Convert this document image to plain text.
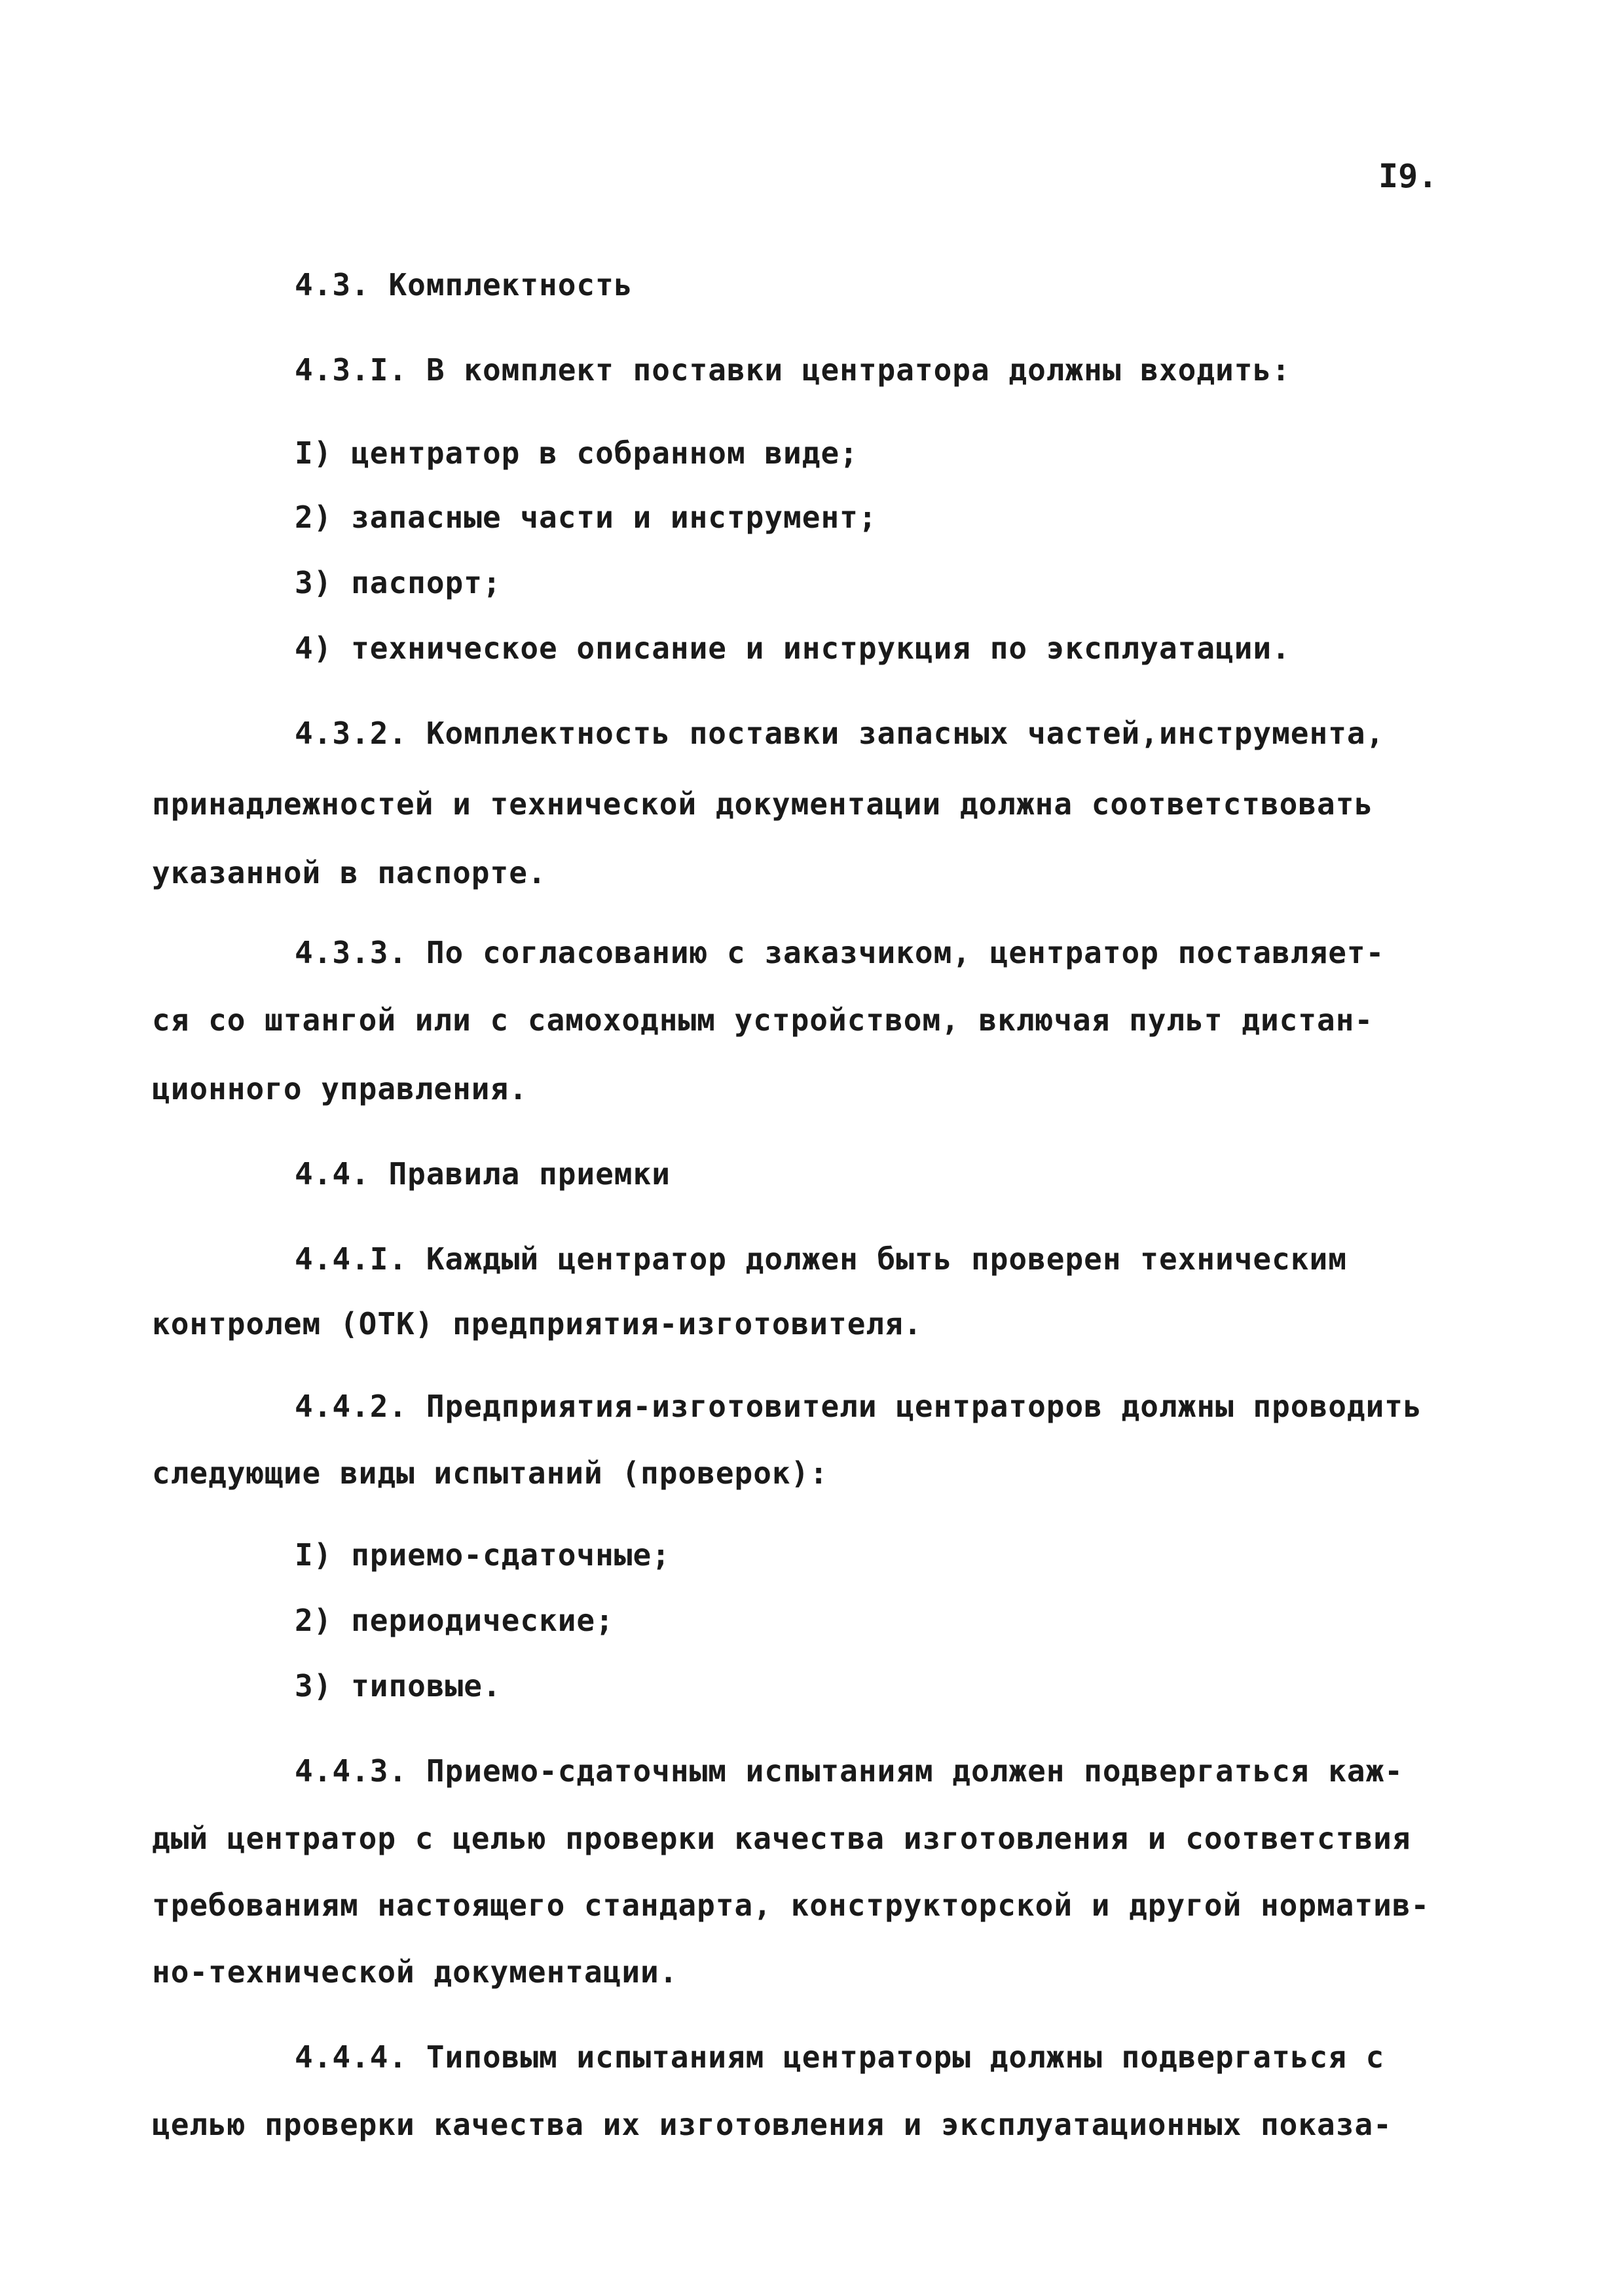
I9.
4.3. Комплектность
4.3.I. В комплект поставки центратора должны входить:
I) центратор в собранном виде;
2) запасные части и инструмент;
3) паспорт;
4) техническое описание и инструкция по эксплуатации.
4.3.2. Комплектность поставки запасных частей,инструмента,
принадлежностей и технической документации должна соответствовать
указанной в паспорте.
4.3.3. По согласованию с заказчиком, центратор поставляет-
ся со штангой или с самоходным устройством, включая пульт дистан-
ционного управления.
4.4. Правила приемки
4.4.I. Каждый центратор должен быть проверен техническим
контролем (ОТК) предприятия-изготовителя.
4.4.2. Предприятия-изготовители центраторов должны проводить
следующие виды испытаний (проверок):
I) приемо-сдаточные;
2) периодические;
3) типовые.
4.4.3. Приемо-сдаточным испытаниям должен подвергаться каж-
дый центратор с целью проверки качества изготовления и соответствия
требованиям настоящего стандарта, конструкторской и другой норматив-
но-технической документации.
4.4.4. Типовым испытаниям центраторы должны подвергаться с
целью проверки качества их изготовления и эксплуатационных показа-
